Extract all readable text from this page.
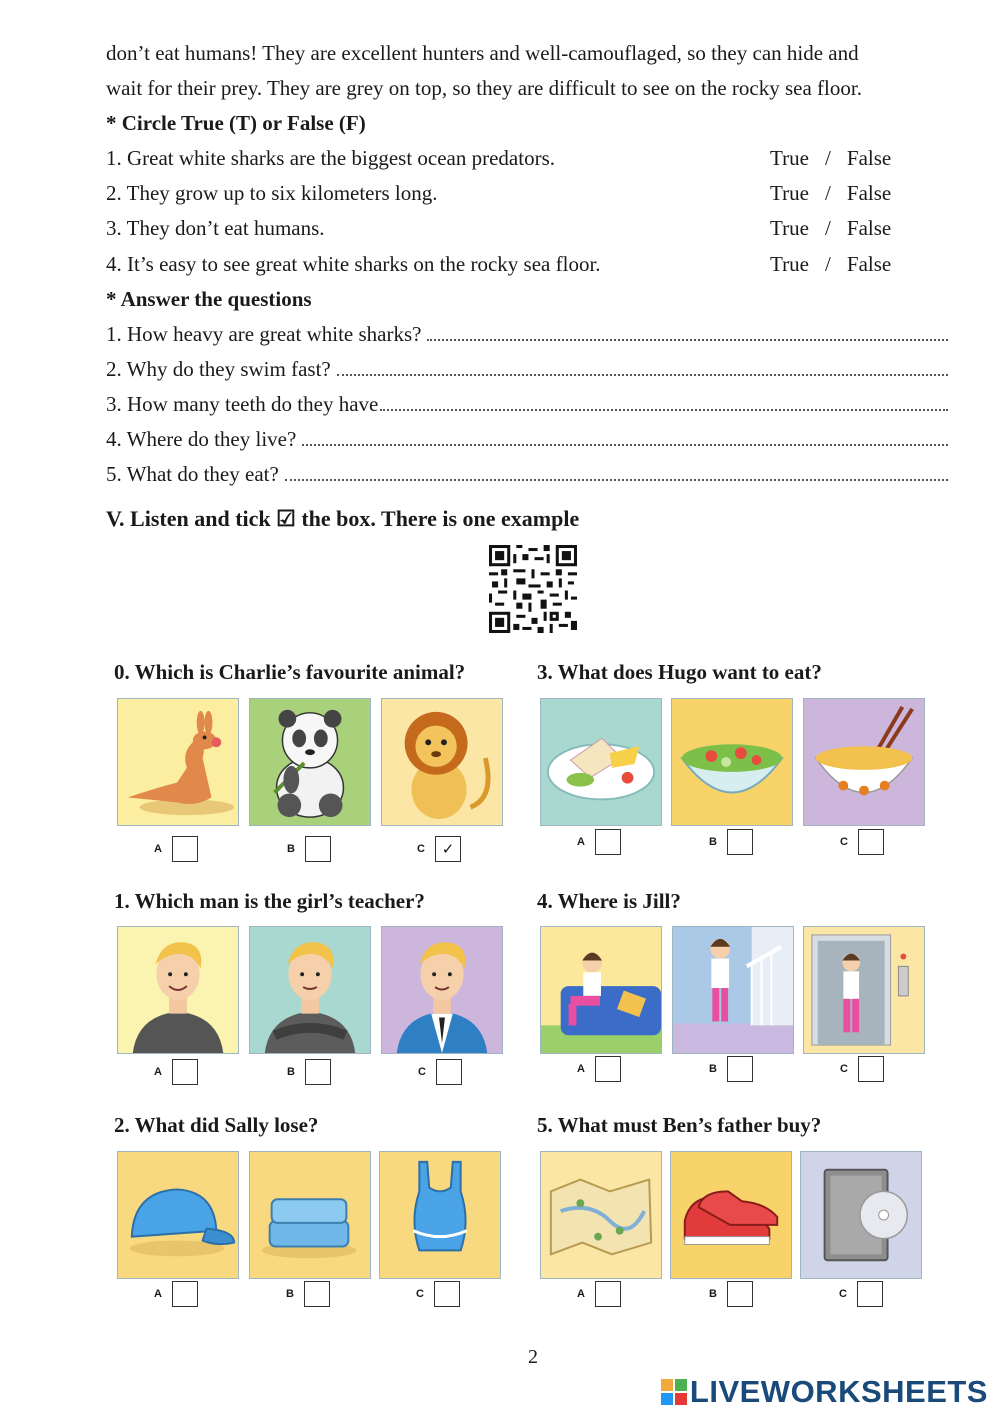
don’t eat humans! They are excellent hunters and well-camouflaged, so they can hide and
wait for their prey. They are grey on top, so they are difficult to see on the rocky sea floor.
* Circle True (T) or False (F)
1. Great white sharks are the biggest ocean predators.	True / False
2. They grow up to six kilometers long.	True / False
3. They don’t eat humans.	True / False
4. It’s easy to see great white sharks on the rocky sea floor.	True / False
* Answer the questions
1. How heavy are great white sharks?
2. Why do they swim fast?
3. How many teeth do they have
4. Where do they live?
5. What do they eat?
V. Listen and tick ☑ the box. There is one example
0. Which is Charlie’s favourite animal?
A	B	C	✓
3. What does Hugo want to eat?
A	B	C
1. Which man is the girl’s teacher?
A	B	C
4. Where is Jill?
A	B	C
2. What did Sally lose?
A	B	C
5. What must Ben’s father buy?
A	B	C
2
LIVEWORKSHEETS
